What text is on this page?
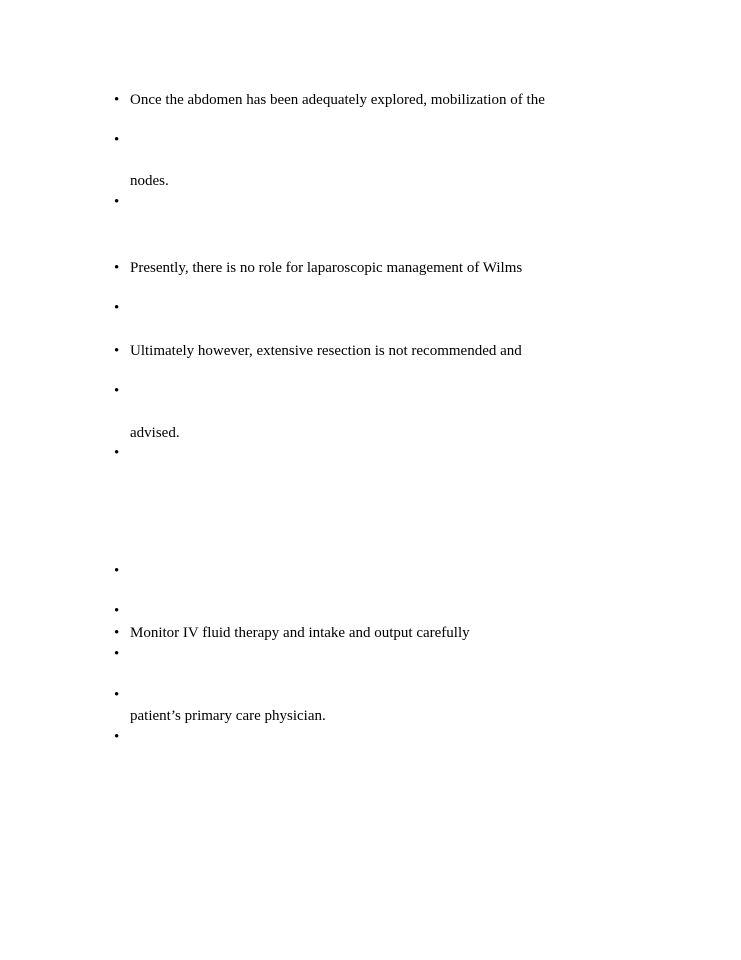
•
•
•
•
•
•
•
•
•
•
•
•
•
•
Once the abdomen has been adequately explored, mobilization of the
nodes.
Presently, there is no role for laparoscopic management of Wilms
Ultimately however, extensive resection is not recommended and
advised.
Monitor IV fluid therapy and intake and output carefully
patient’s primary care physician.
